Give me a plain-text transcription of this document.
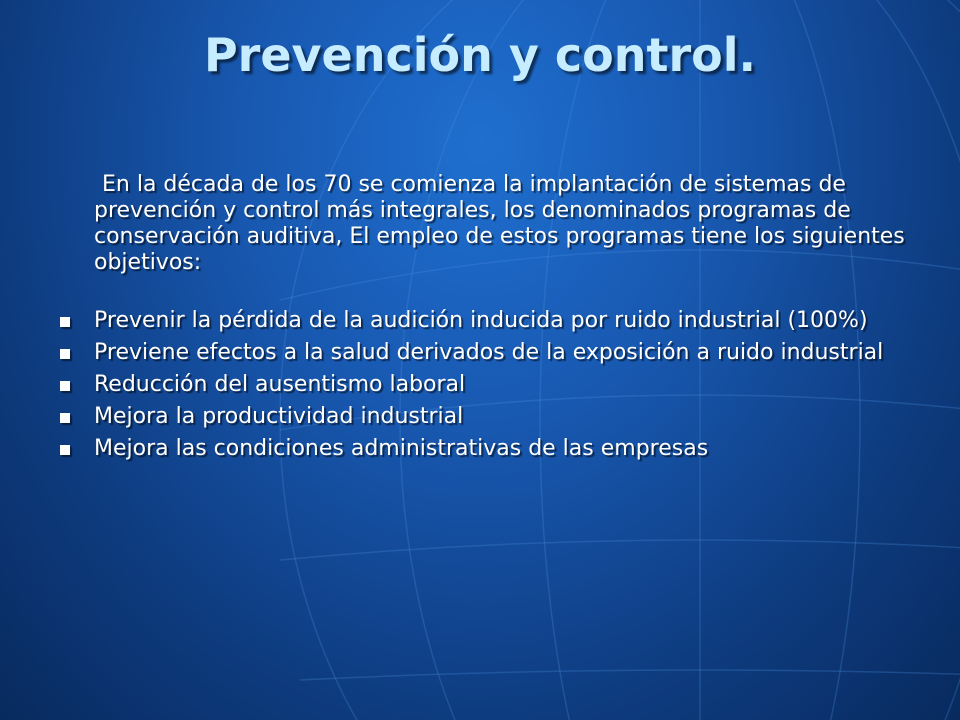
Prevención y control.

En la década de los 70 se comienza la implantación de sistemas de prevención y control más integrales, los denominados programas de conservación auditiva, El empleo de estos programas tiene los siguientes objetivos:

Prevenir la pérdida de la audición inducida por ruido industrial (100%)
Previene efectos a la salud derivados de la exposición a ruido industrial
Reducción del ausentismo laboral
Mejora la productividad industrial
Mejora las condiciones administrativas de las empresas
